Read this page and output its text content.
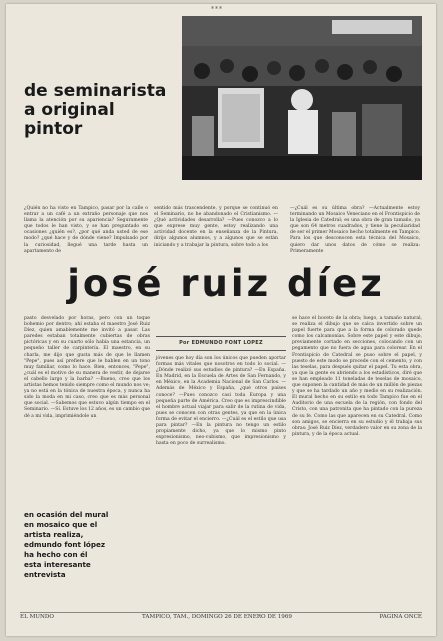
***
de seminarista
a original
pintor
¿Quién no ha visto en Tampico, pasar por la calle o entrar a un café a un extraño personaje que nos llama la atención por su apariencia? Seguramente que todos le han visto, y se han preguntado en ocasiones ¿quién es?, ¿por qué anda usted de ese modo? ¿qué hace y de dónde viene? Impulsado por la curiosidad, llegué una tarde hasta un apartamento de
sentido más trascendente, y porque se continuó en el Seminario, no he abandonado el Cristianismo. —¿Qué actividades desarrolla? —Pues conozco a lo que exprese muy gente, estoy realizando una actividad docente en la enseñanza de la Pintura, dirijo algunos alumnos, y a algunos que se están iniciando y a trabajar la pintura, sobre todo a los
—¿Cuál es su última obra? —Actualmente estoy terminando un Mosaico Veneciano en el Frontispicio de la Iglesia de Catedral; es una obra de gran tamaño, ya que son 64 metros cuadrados, y tiene la peculiaridad de ser el primer Mosaico hecho totalmente en Tampico. Para los que desconocen esta técnica del Mosaico, quiero dar unos datos de cómo se realiza: Primeramente
josé ruiz díez
pasto desvelado por horas, pero con un toque bohemio por dentro; ahí estaba el maestro José Ruiz Díez, quien amablemente me invitó a pasar. Las paredes estaban totalmente cubiertas de obras pictóricas y en su cuarto sólo había una estancia, un pequeño taller de carpintería. El maestro, en su charla, me dijo que gusta más de que le llamen "Pepe", pues así prefiere que le hablen en un tono muy familiar, como lo hace. Bien, entonces, "Pepe", ¿cuál es el motivo de su manera de vestir, de dejarse el cabello largo y la barba? —Bueno, creo que los artistas hemos tenido siempre como el mundo nos ve; ya no está en la tónica de nuestra época, y nunca ha sido la moda en mi caso, creo que es más personal que social. —Sabemos que estuvo algún tiempo en el Seminario. —Sí. Estuve los 12 años, es un cambio que dé a mi vida, imprimiéndole un
Por EDMUNDO FONT LOPEZ
jóvenes que hoy día son los únicos que pueden aportar formas más vitales que nosotros en todo lo social. —¿Dónde realizó sus estudios de pintura? —En España. En Madrid, en la Escuela de Artes de San Fernando, y en México, en la Academia Nacional de San Carlos. —Además de México y España, ¿qué otros países conoce? —Pues conozco casi toda Europa y una pequeña parte de América. Creo que es imprescindible el hombre actual viajar para salir de la rutina de vida, pues se conocen con otras gentes, ya que en la única forma de evitar el encierro. —¿Cuál es el estilo que usa para pintar? —En la pintura no tengo un estilo propiamente dicho, ya que lo mismo pinto expresionismo, neo-cubismo, que impresionismo y hasta en poco de surrealismo.
se hace el boceto de la obra; luego, a tamaño natural, se realiza el dibujo que se calca invertido sobre un papel fuerte para que a la forma de colorado quede como los calcamonías. Sobre este papel y este dibujo, previamente cortado en secciones, colocando con un pegamento que no fuera de agua para colorear. En el Frontispicio de Catedral se puso sobre el papel, y puesto de este modo se procede con el cemento, y con las teselas, para después quitar el papel. Tu esta obra, ya que la gente es abriendo a los estadísticos, diré que se han empleado 11 toneladas de teselas de mosaico, que suponen la cantidad de más de un millón de piezas y que se ha tardado un año y medio en su realización. El mural hecho en su estilo en todo Tampico fue en el Auditorio de una escuela de la región, con fondo del Cristo, con una patronita que ha pintado con la pureza de su fe. Como las que aparecen en su Catedral. Como son amigos, se encierra en su estudio y él trabaja sus obras: José Ruiz Díez, verdadero valor en su zona de la pintura, y de la época actual.
en ocasión del mural
en mosaico que el
artista realiza,
edmundo font lópez
ha hecho con él
esta interesante
entrevista
EL MUNDO	TAMPICO, TAM., DOMINGO 26 DE ENERO DE 1969	PAGINA ONCE
